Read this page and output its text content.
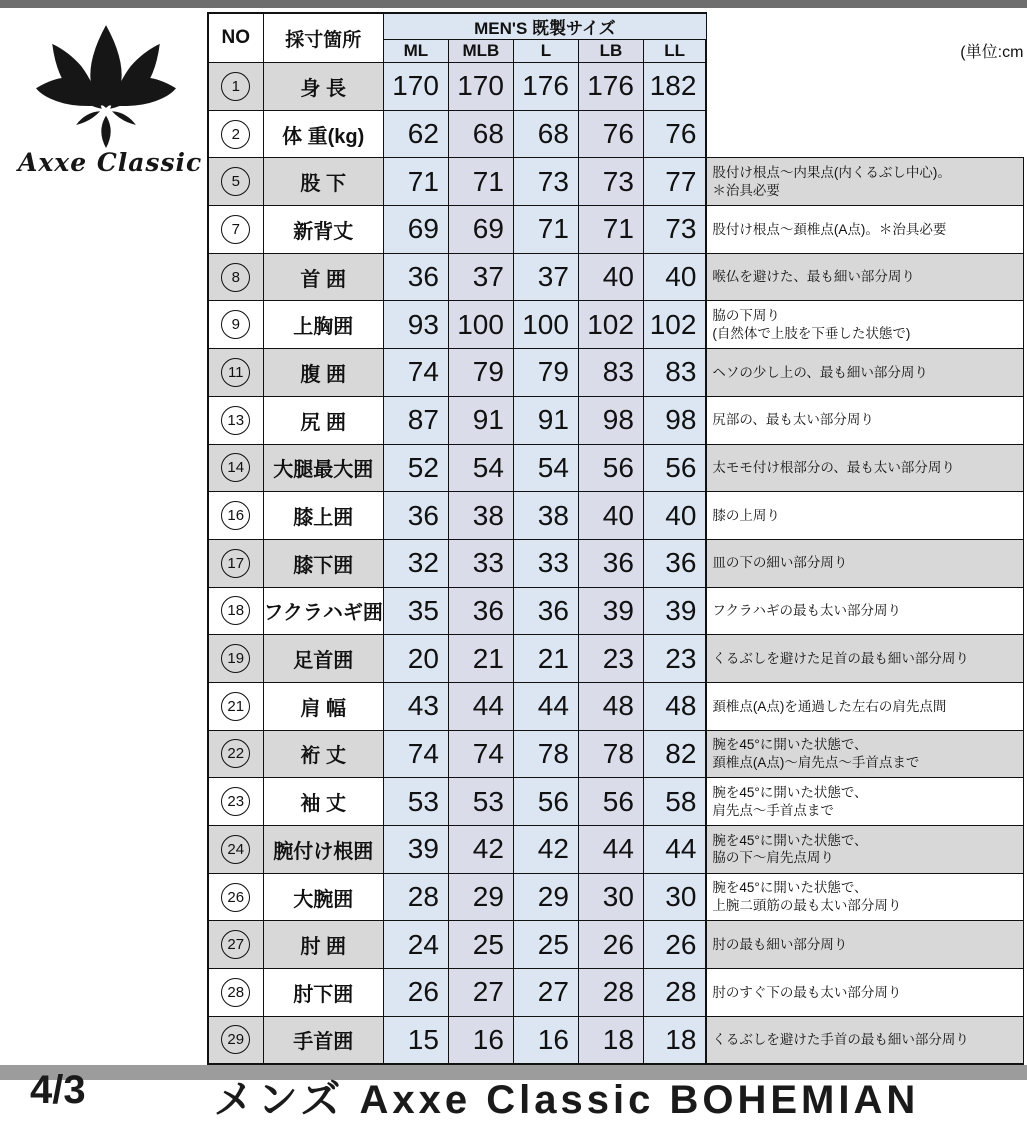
Axxe Classic
NO	採寸箇所	MEN'S 既製サイズ					(単位:cm
		ML	MLB	L	LB	LL	
1	身 長	170	170	176	176	182	
2	体 重(kg)	62	68	68	76	76	
5	股 下	71	71	73	73	77	股付け根点～内果点(内くるぶし中心)。
＊治具必要
7	新背丈	69	69	71	71	73	股付け根点～頚椎点(A点)。＊治具必要
8	首 囲	36	37	37	40	40	喉仏を避けた、最も細い部分周り
9	上胸囲	93	100	100	102	102	脇の下周り
(自然体で上肢を下垂した状態で)
11	腹 囲	74	79	79	83	83	ヘソの少し上の、最も細い部分周り
13	尻 囲	87	91	91	98	98	尻部の、最も太い部分周り
14	大腿最大囲	52	54	54	56	56	太モモ付け根部分の、最も太い部分周り
16	膝上囲	36	38	38	40	40	膝の上周り
17	膝下囲	32	33	33	36	36	皿の下の細い部分周り
18	フクラハギ囲	35	36	36	39	39	フクラハギの最も太い部分周り
19	足首囲	20	21	21	23	23	くるぶしを避けた足首の最も細い部分周り
21	肩 幅	43	44	44	48	48	頚椎点(A点)を通過した左右の肩先点間
22	裄 丈	74	74	78	78	82	腕を45°に開いた状態で、
頚椎点(A点)～肩先点～手首点まで
23	袖 丈	53	53	56	56	58	腕を45°に開いた状態で、
肩先点～手首点まで
24	腕付け根囲	39	42	42	44	44	腕を45°に開いた状態で、
脇の下～肩先点周り
26	大腕囲	28	29	29	30	30	腕を45°に開いた状態で、
上腕二頭筋の最も太い部分周り
27	肘 囲	24	25	25	26	26	肘の最も細い部分周り
28	肘下囲	26	27	27	28	28	肘のすぐ下の最も太い部分周り
29	手首囲	15	16	16	18	18	くるぶしを避けた手首の最も細い部分周り
4/3	メンズ Axxe Classic BOHEMIAN
